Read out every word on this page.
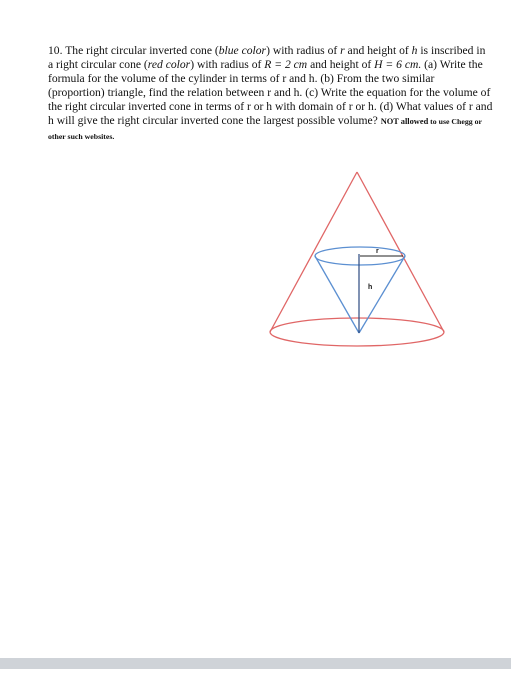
10. The right circular inverted cone (blue color) with radius of r and height of h is inscribed in a right circular cone (red color) with radius of R = 2 cm and height of H = 6 cm. (a) Write the formula for the volume of the cylinder in terms of r and h. (b) From the two similar (proportion) triangle, find the relation between r and h. (c) Write the equation for the volume of the right circular inverted cone in terms of r or h with domain of r or h. (d) What values of r and h will give the right circular inverted cone the largest possible volume? NOT allowed to use Chegg or other such websites.
r
h
